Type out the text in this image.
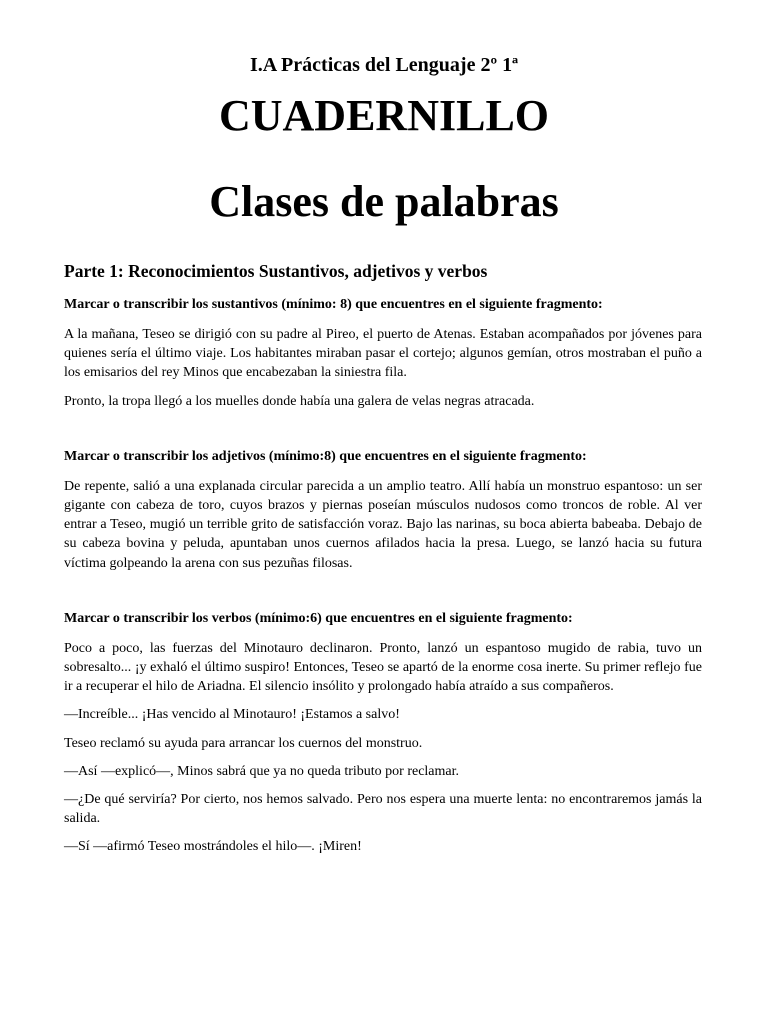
I.A Prácticas del Lenguaje 2º 1ª
CUADERNILLO
Clases de palabras
Parte 1: Reconocimientos Sustantivos, adjetivos y verbos
Marcar o transcribir los sustantivos (mínimo: 8) que encuentres en el siguiente fragmento:

A la mañana, Teseo se dirigió con su padre al Pireo, el puerto de Atenas. Estaban acompañados por jóvenes para quienes sería el último viaje. Los habitantes miraban pasar el cortejo; algunos gemían, otros mostraban el puño a los emisarios del rey Minos que encabezaban la siniestra fila.

Pronto, la tropa llegó a los muelles donde había una galera de velas negras atracada.

Marcar o transcribir los adjetivos (mínimo:8) que encuentres en el siguiente fragmento:

De repente, salió a una explanada circular parecida a un amplio teatro. Allí había un monstruo espantoso: un ser gigante con cabeza de toro, cuyos brazos y piernas poseían músculos nudosos como troncos de roble. Al ver entrar a Teseo, mugió un terrible grito de satisfacción voraz. Bajo las narinas, su boca abierta babeaba. Debajo de su cabeza bovina y peluda, apuntaban unos cuernos afilados hacia la presa. Luego, se lanzó hacia su futura víctima golpeando la arena con sus pezuñas filosas.

Marcar o transcribir los verbos (mínimo:6) que encuentres en el siguiente fragmento:

Poco a poco, las fuerzas del Minotauro declinaron. Pronto, lanzó un espantoso mugido de rabia, tuvo un sobresalto... ¡y exhaló el último suspiro! Entonces, Teseo se apartó de la enorme cosa inerte. Su primer reflejo fue ir a recuperar el hilo de Ariadna. El silencio insólito y prolongado había atraído a sus compañeros.

—Increíble... ¡Has vencido al Minotauro! ¡Estamos a salvo!

Teseo reclamó su ayuda para arrancar los cuernos del monstruo.

—Así —explicó—, Minos sabrá que ya no queda tributo por reclamar.

—¿De qué serviría? Por cierto, nos hemos salvado. Pero nos espera una muerte lenta: no encontraremos jamás la salida.

—Sí —afirmó Teseo mostrándoles el hilo—. ¡Miren!
